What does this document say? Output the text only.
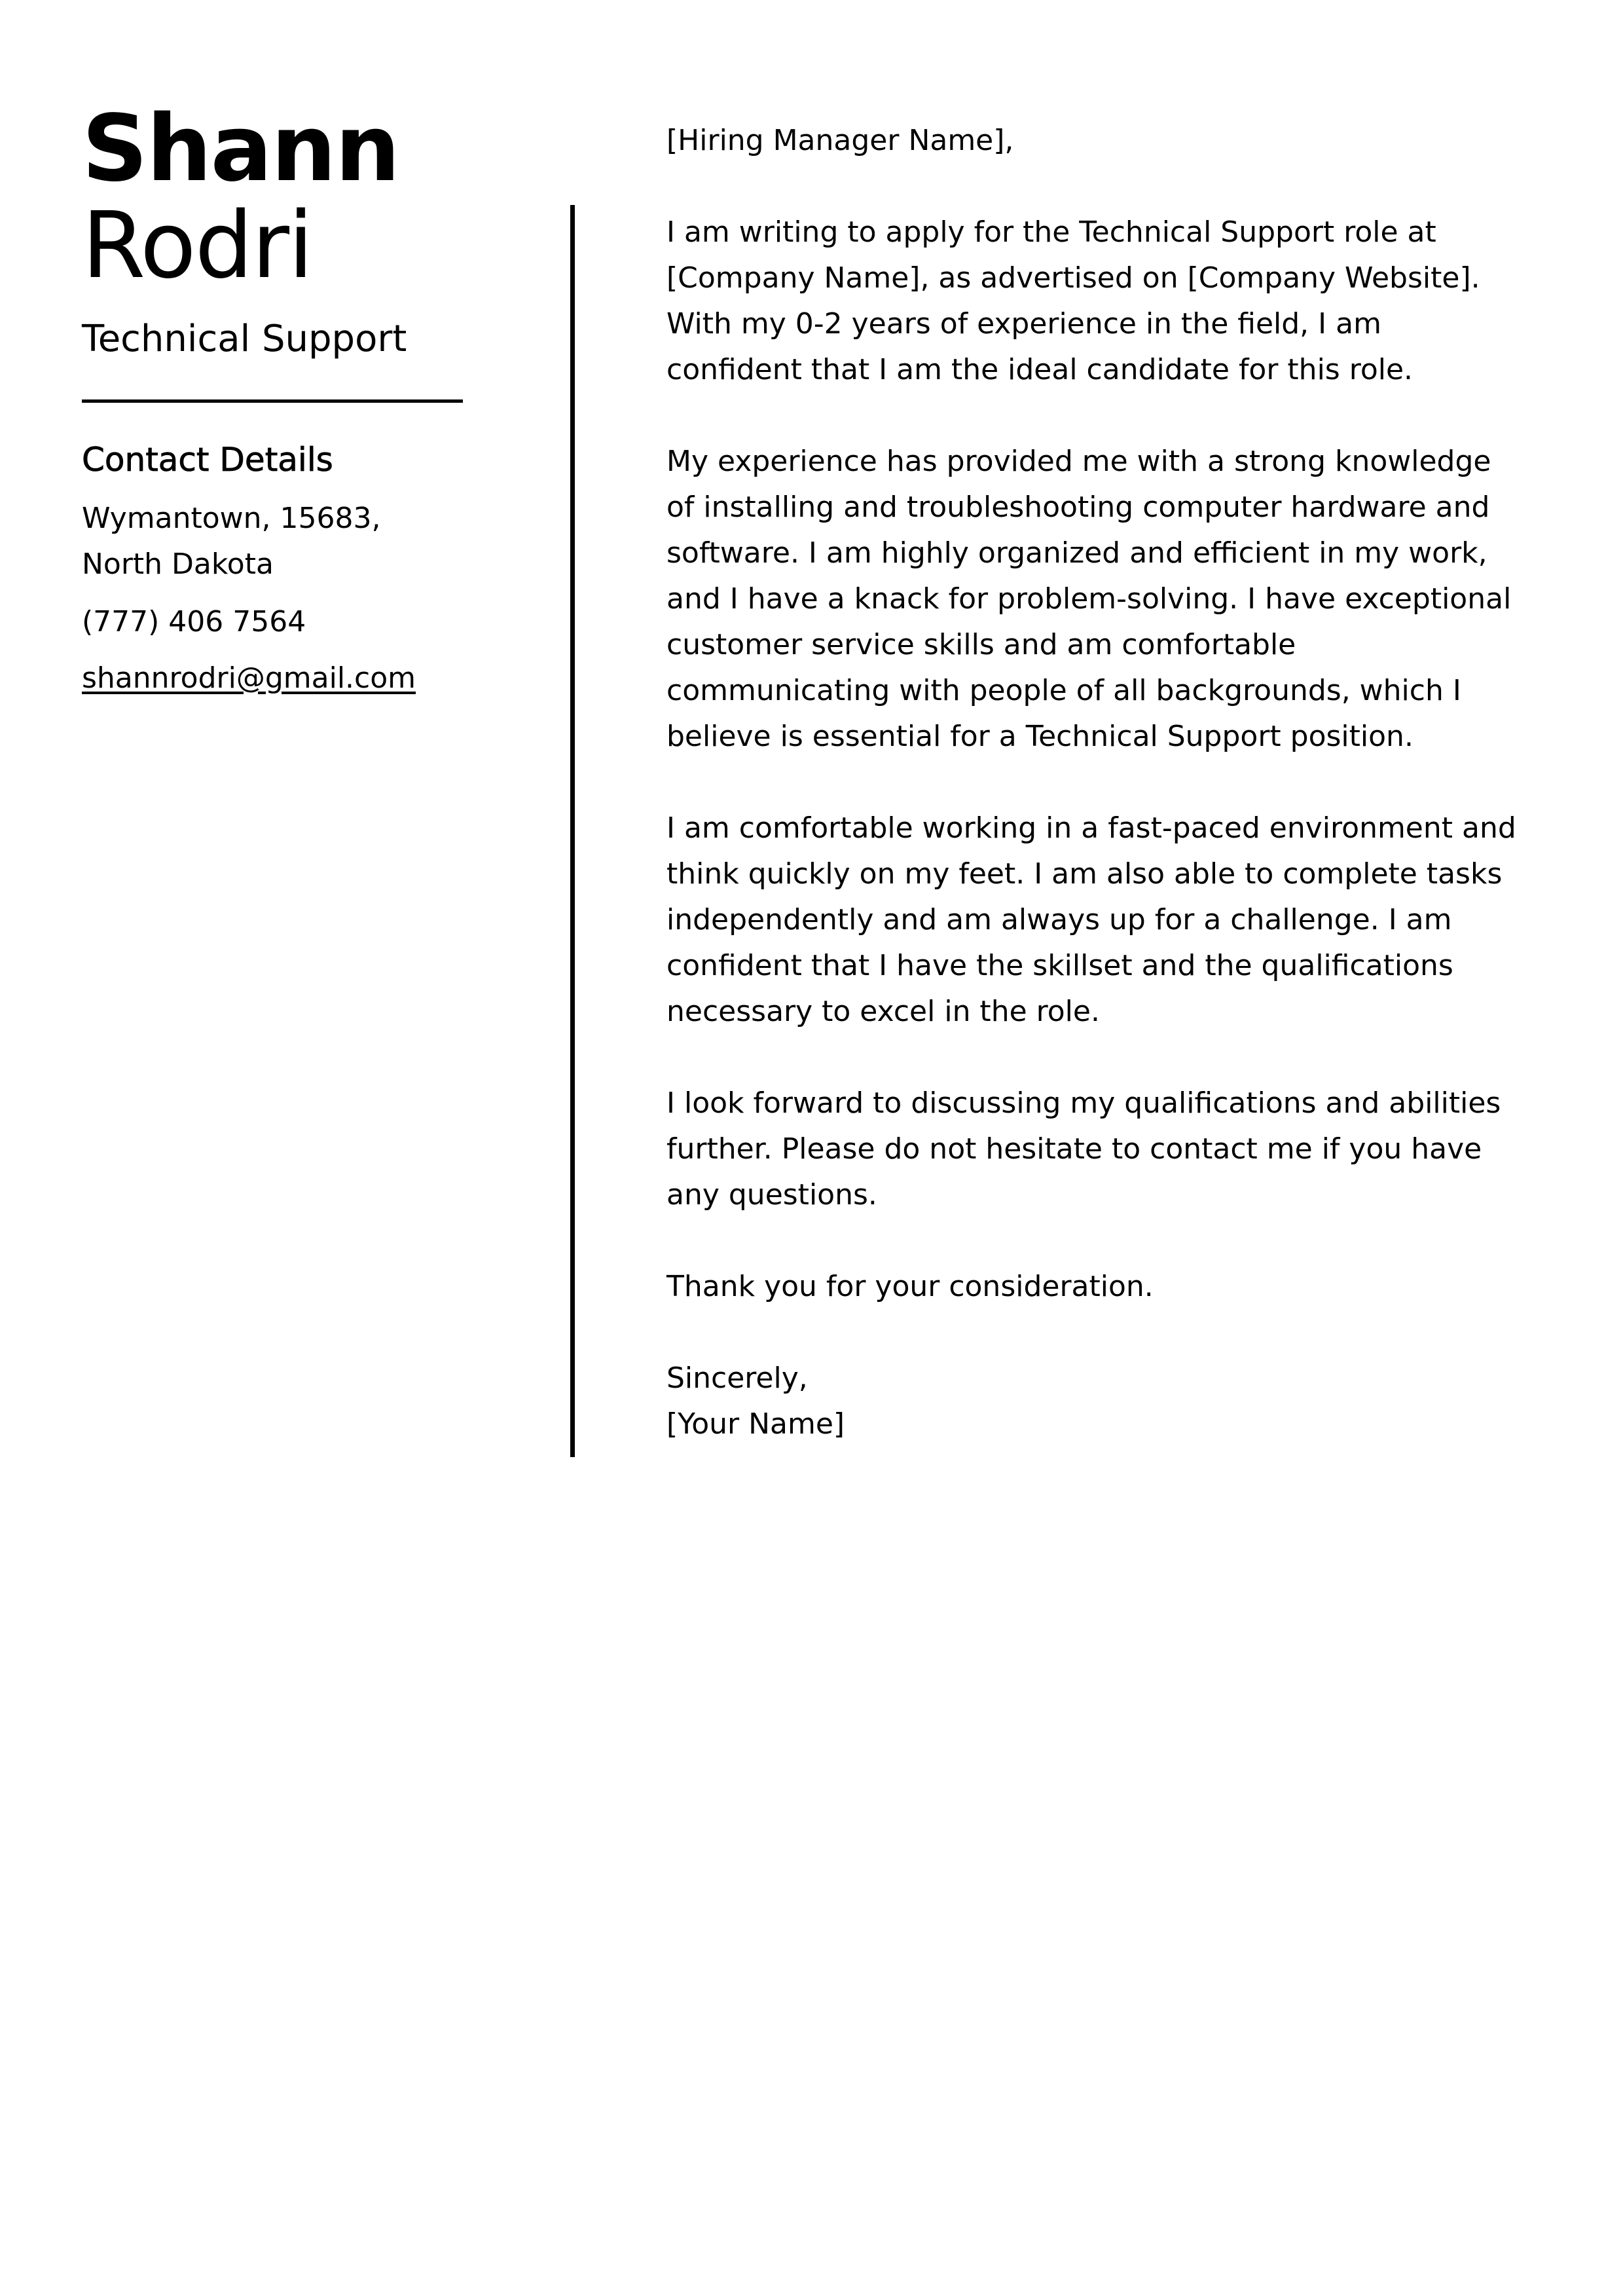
Shann
Rodri
Technical Support
Contact Details
Wymantown, 15683, North Dakota
(777) 406 7564
shannrodri@gmail.com

[Hiring Manager Name],

I am writing to apply for the Technical Support role at [Company Name], as advertised on [Company Website]. With my 0-2 years of experience in the field, I am confident that I am the ideal candidate for this role.

My experience has provided me with a strong knowledge of installing and troubleshooting computer hardware and software. I am highly organized and efficient in my work, and I have a knack for problem-solving. I have exceptional customer service skills and am comfortable communicating with people of all backgrounds, which I believe is essential for a Technical Support position.

I am comfortable working in a fast-paced environment and think quickly on my feet. I am also able to complete tasks independently and am always up for a challenge. I am confident that I have the skillset and the qualifications necessary to excel in the role.

I look forward to discussing my qualifications and abilities further. Please do not hesitate to contact me if you have any questions.

Thank you for your consideration.

Sincerely,
[Your Name]
